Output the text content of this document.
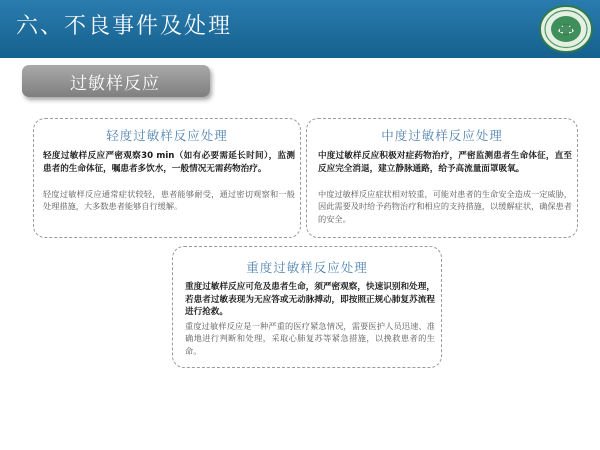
六、不良事件及处理
过敏样反应
轻度过敏样反应处理
轻度过敏样反应严密观察30 min（如有必要需延长时间），监测患者的生命体征，嘱患者多饮水，一般情况无需药物治疗。
轻度过敏样反应通常症状较轻，患者能够耐受，通过密切观察和一般处理措施，大多数患者能够自行缓解。
中度过敏样反应处理
中度过敏样反应积极对症药物治疗，严密监测患者生命体征，直至反应完全消退，建立静脉通路，给予高流量面罩吸氧。
中度过敏样反应症状相对较重，可能对患者的生命安全造成一定威胁，因此需要及时给予药物治疗和相应的支持措施，以缓解症状，确保患者的安全。
重度过敏样反应处理
重度过敏样反应可危及患者生命，须严密观察，快速识别和处理，若患者过敏表现为无应答或无动脉搏动，即按照正规心肺复苏流程进行抢救。
重度过敏样反应是一种严重的医疗紧急情况，需要医护人员迅速、准确地进行判断和处理，采取心肺复苏等紧急措施，以挽救患者的生命。
